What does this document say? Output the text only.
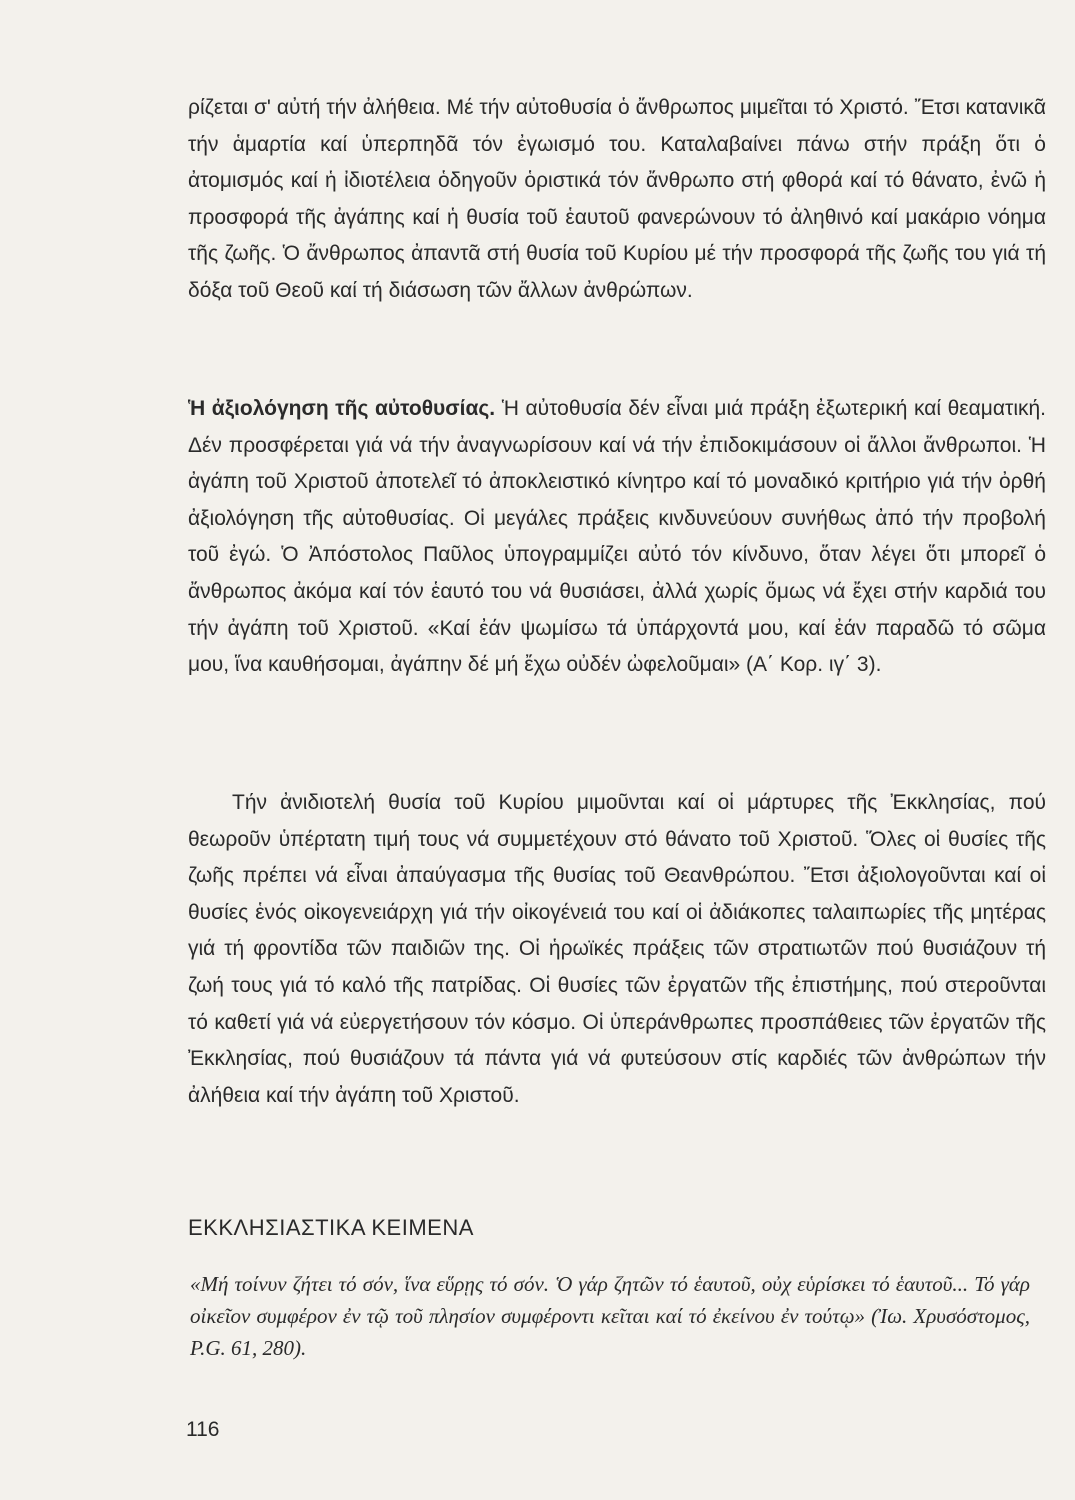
ρίζεται σ' αὐτή τήν ἀλήθεια. Μέ τήν αὐτοθυσία ὁ ἄνθρωπος μιμεῖται τό Χριστό. Ἔτσι κατανικᾶ τήν ἁμαρτία καί ὑπερπηδᾶ τόν ἐγωισμό του. Καταλαβαίνει πάνω στήν πράξη ὅτι ὁ ἀτομισμός καί ἡ ἰδιοτέλεια ὁδηγοῦν ὁριστικά τόν ἄνθρωπο στή φθορά καί τό θάνατο, ἐνῶ ἡ προσφορά τῆς ἀγάπης καί ἡ θυσία τοῦ ἑαυτοῦ φανερώνουν τό ἀληθινό καί μακάριο νόημα τῆς ζωῆς. Ὁ ἄνθρωπος ἀπαντᾶ στή θυσία τοῦ Κυρίου μέ τήν προσφορά τῆς ζωῆς του γιά τή δόξα τοῦ Θεοῦ καί τή διάσωση τῶν ἄλλων ἀνθρώπων.

Ἡ ἀξιολόγηση τῆς αὐτοθυσίας. Ἡ αὐτοθυσία δέν εἶναι μιά πράξη ἐξωτερική καί θεαματική. Δέν προσφέρεται γιά νά τήν ἀναγνωρίσουν καί νά τήν ἐπιδοκιμάσουν οἱ ἄλλοι ἄνθρωποι. Ἡ ἀγάπη τοῦ Χριστοῦ ἀποτελεῖ τό ἀποκλειστικό κίνητρο καί τό μοναδικό κριτήριο γιά τήν ὀρθή ἀξιολόγηση τῆς αὐτοθυσίας. Οἱ μεγάλες πράξεις κινδυνεύουν συνήθως ἀπό τήν προβολή τοῦ ἐγώ. Ὁ Ἀπόστολος Παῦλος ὑπογραμμίζει αὐτό τόν κίνδυνο, ὅταν λέγει ὅτι μπορεῖ ὁ ἄνθρωπος ἀκόμα καί τόν ἑαυτό του νά θυσιάσει, ἀλλά χωρίς ὅμως νά ἔχει στήν καρδιά του τήν ἀγάπη τοῦ Χριστοῦ. «Καί ἐάν ψωμίσω τά ὑπάρχοντά μου, καί ἐάν παραδῶ τό σῶμα μου, ἵνα καυθήσομαι, ἀγάπην δέ μή ἔχω οὐδέν ὠφελοῦμαι» (Α΄ Κορ. ιγ΄ 3).

Τήν ἀνιδιοτελή θυσία τοῦ Κυρίου μιμοῦνται καί οἱ μάρτυρες τῆς Ἐκκλησίας, πού θεωροῦν ὑπέρτατη τιμή τους νά συμμετέχουν στό θάνατο τοῦ Χριστοῦ. Ὅλες οἱ θυσίες τῆς ζωῆς πρέπει νά εἶναι ἀπαύγασμα τῆς θυσίας τοῦ Θεανθρώπου. Ἔτσι ἀξιολογοῦνται καί οἱ θυσίες ἑνός οἰκογενειάρχη γιά τήν οἰκογένειά του καί οἱ ἀδιάκοπες ταλαιπωρίες τῆς μητέρας γιά τή φροντίδα τῶν παιδιῶν της. Οἱ ἡρωϊκές πράξεις τῶν στρατιωτῶν πού θυσιάζουν τή ζωή τους γιά τό καλό τῆς πατρίδας. Οἱ θυσίες τῶν ἐργατῶν τῆς ἐπιστήμης, πού στεροῦνται τό καθετί γιά νά εὐεργετήσουν τόν κόσμο. Οἱ ὑπεράνθρωπες προσπάθειες τῶν ἐργατῶν τῆς Ἐκκλησίας, πού θυσιάζουν τά πάντα γιά νά φυτεύσουν στίς καρδιές τῶν ἀνθρώπων τήν ἀλήθεια καί τήν ἀγάπη τοῦ Χριστοῦ.

ΕΚΚΛΗΣΙΑΣΤΙΚΑ ΚΕΙΜΕΝΑ

«Μή τοίνυν ζήτει τό σόν, ἵνα εὕρῃς τό σόν. Ὁ γάρ ζητῶν τό ἑαυτοῦ, οὐχ εὑρίσκει τό ἑαυτοῦ... Τό γάρ οἰκεῖον συμφέρον ἐν τῷ τοῦ πλησίον συμφέροντι κεῖται καί τό ἐκείνου ἐν τούτῳ» (Ἰω. Χρυσόστομος, P.G. 61, 280).

116
